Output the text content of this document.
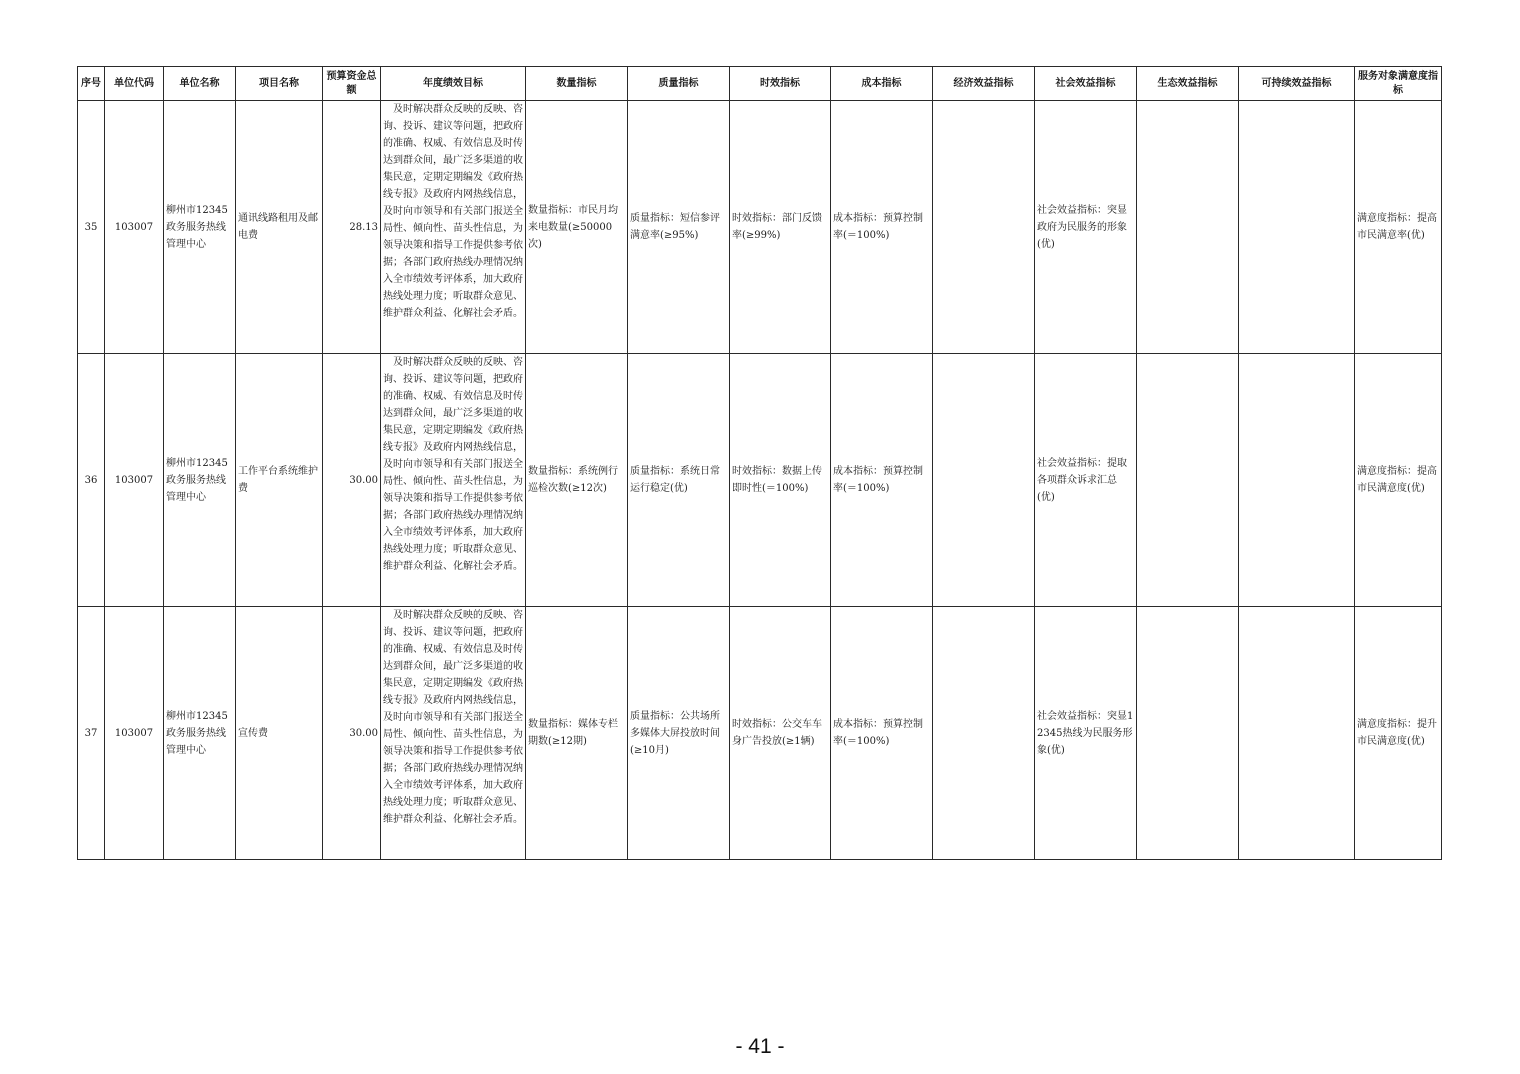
序号	单位代码	单位名称	项目名称	预算资金总额	年度绩效目标	数量指标	质量指标	时效指标	成本指标	经济效益指标	社会效益指标	生态效益指标	可持续效益指标	服务对象满意度指标
35	103007	柳州市12345政务服务热线管理中心	通讯线路租用及邮电费	28.13	及时解决群众反映的反映、咨询、投诉、建议等问题，把政府的准确、权威、有效信息及时传达到群众间，最广泛多渠道的收集民意，定期定期编发《政府热线专报》及政府内网热线信息，及时向市领导和有关部门报送全局性、倾向性、苗头性信息，为领导决策和指导工作提供参考依据；各部门政府热线办理情况纳入全市绩效考评体系，加大政府热线处理力度；听取群众意见、维护群众利益、化解社会矛盾。	数量指标：市民月均来电数量(≥50000次)	质量指标：短信参评满意率(≥95%)	时效指标：部门反馈率(≥99%)	成本指标：预算控制率(＝100%)		社会效益指标：突显政府为民服务的形象(优)			满意度指标：提高市民满意率(优)
36	103007	柳州市12345政务服务热线管理中心	工作平台系统维护费	30.00	及时解决群众反映的反映、咨询、投诉、建议等问题，把政府的准确、权威、有效信息及时传达到群众间，最广泛多渠道的收集民意，定期定期编发《政府热线专报》及政府内网热线信息，及时向市领导和有关部门报送全局性、倾向性、苗头性信息，为领导决策和指导工作提供参考依据；各部门政府热线办理情况纳入全市绩效考评体系，加大政府热线处理力度；听取群众意见、维护群众利益、化解社会矛盾。	数量指标：系统例行巡检次数(≥12次)	质量指标：系统日常运行稳定(优)	时效指标：数据上传即时性(＝100%)	成本指标：预算控制率(＝100%)		社会效益指标：提取各项群众诉求汇总(优)			满意度指标：提高市民满意度(优)
37	103007	柳州市12345政务服务热线管理中心	宣传费	30.00	及时解决群众反映的反映、咨询、投诉、建议等问题，把政府的准确、权威、有效信息及时传达到群众间，最广泛多渠道的收集民意，定期定期编发《政府热线专报》及政府内网热线信息，及时向市领导和有关部门报送全局性、倾向性、苗头性信息，为领导决策和指导工作提供参考依据；各部门政府热线办理情况纳入全市绩效考评体系，加大政府热线处理力度；听取群众意见、维护群众利益、化解社会矛盾。	数量指标：媒体专栏期数(≥12期)	质量指标：公共场所多媒体大屏投放时间(≥10月)	时效指标：公交车车身广告投放(≥1辆)	成本指标：预算控制率(＝100%)		社会效益指标：突显12345热线为民服务形象(优)			满意度指标：提升市民满意度(优)
- 41 -
